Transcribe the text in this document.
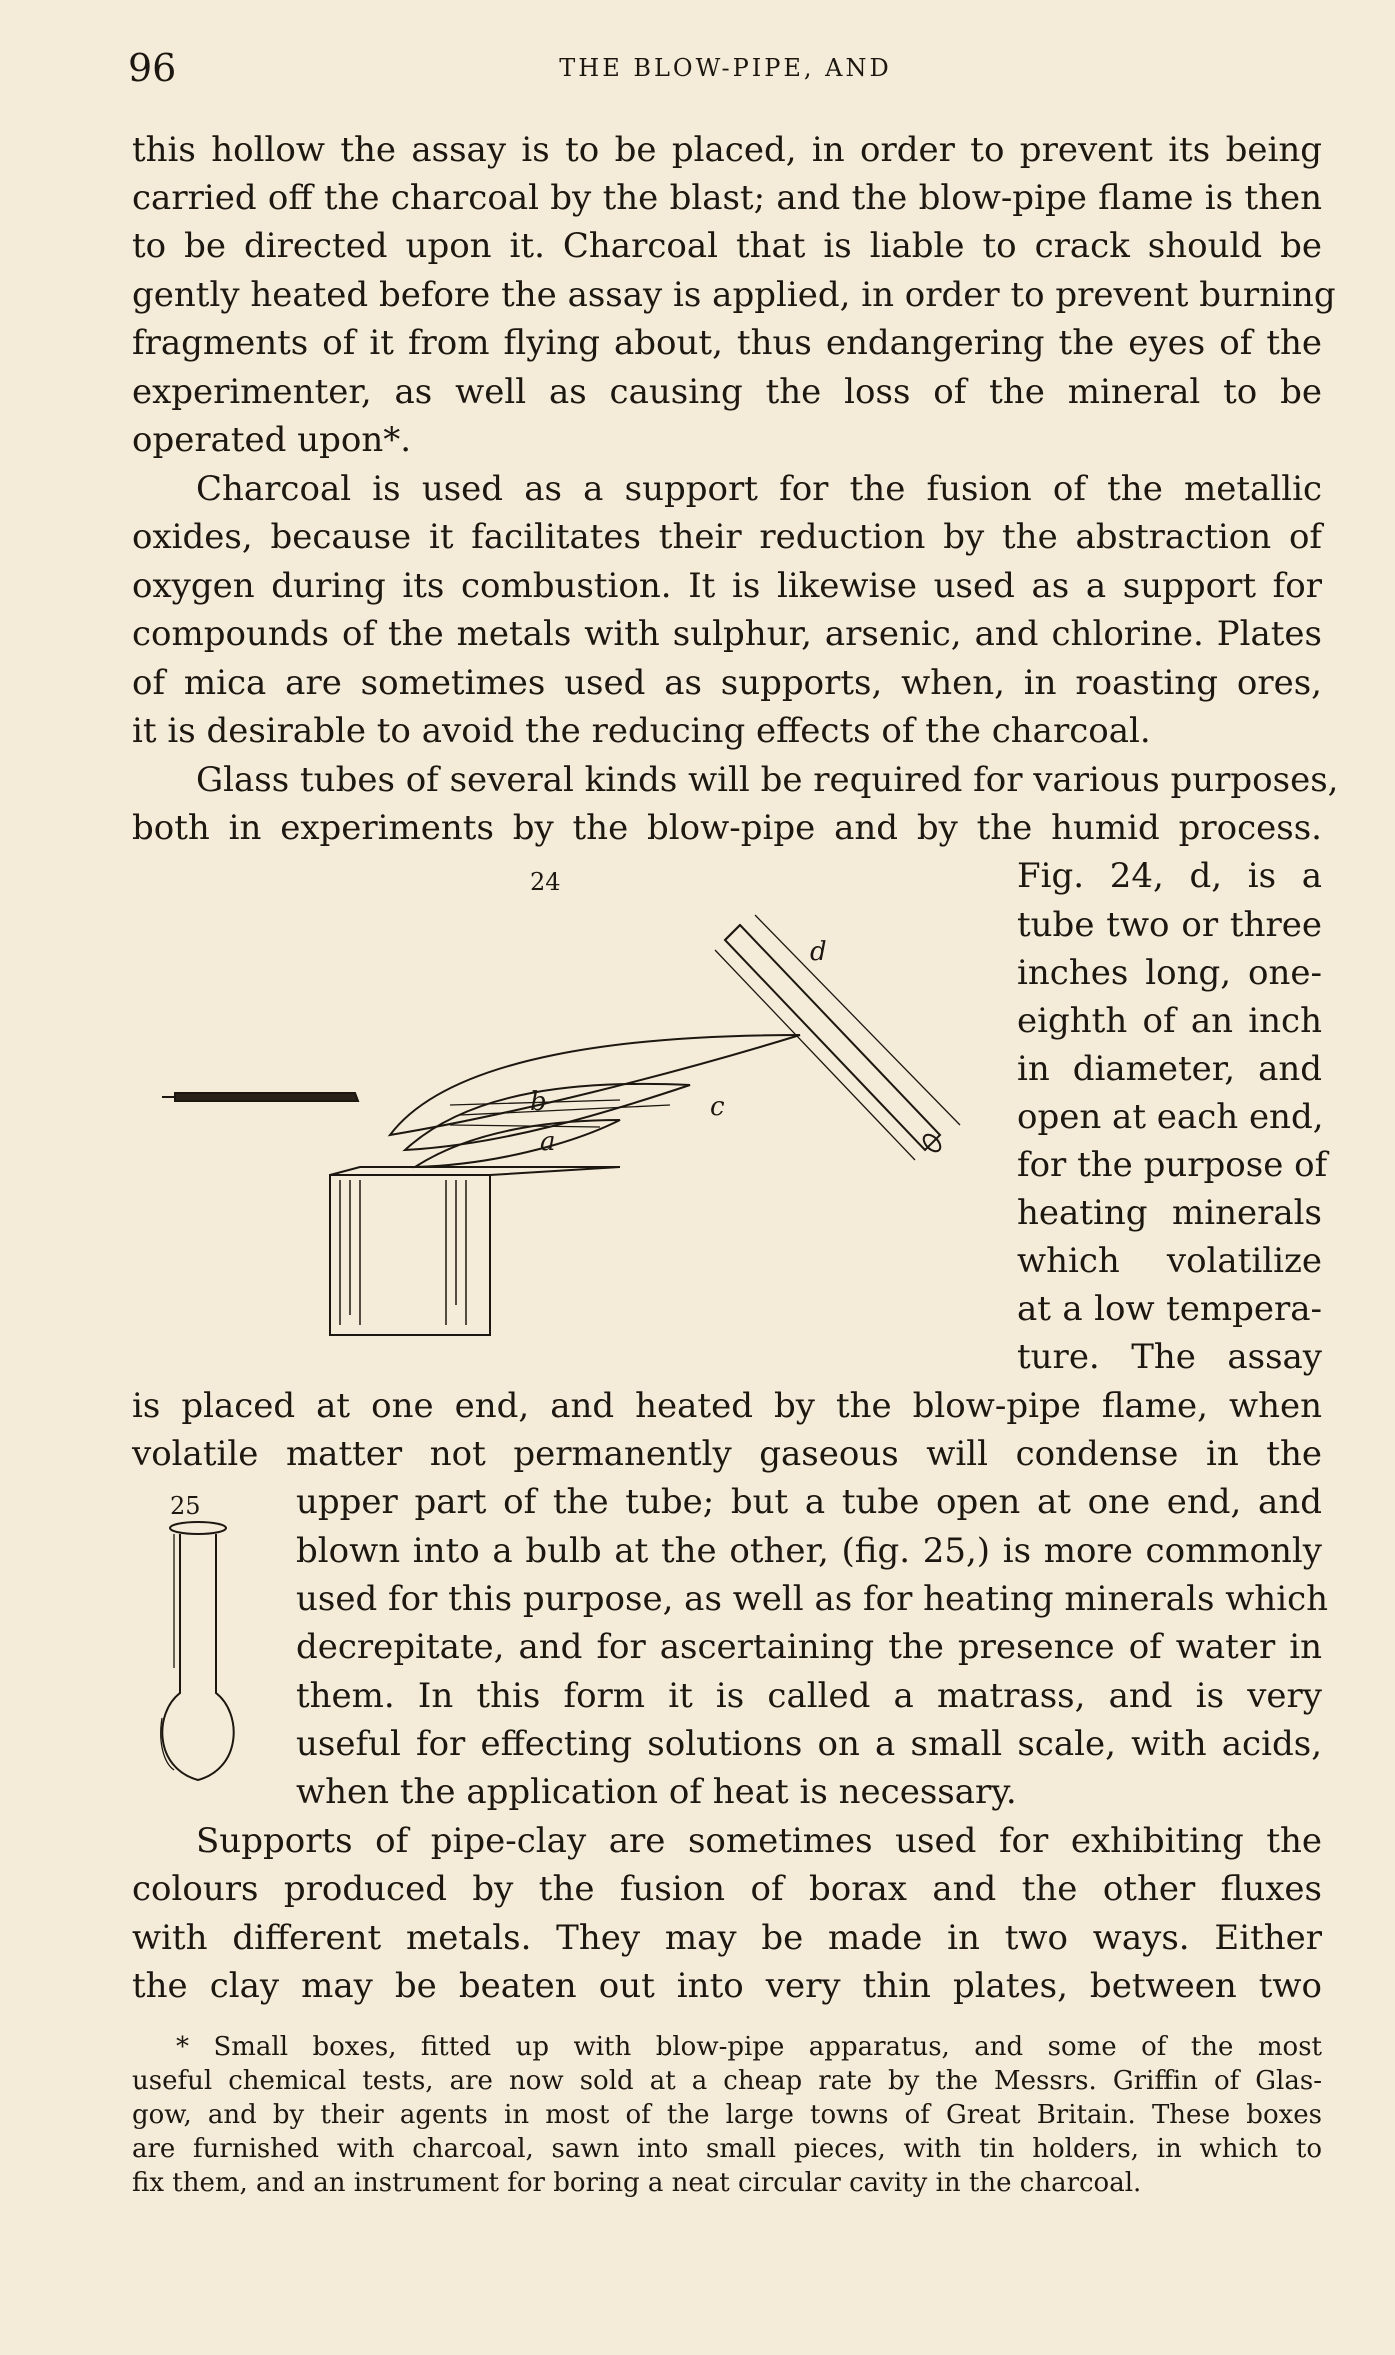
96	THE BLOW-PIPE, AND
this hollow the assay is to be placed, in order to prevent its being
carried off the charcoal by the blast; and the blow-pipe flame is then
to be directed upon it. Charcoal that is liable to crack should be
gently heated before the assay is applied, in order to prevent burning
fragments of it from flying about, thus endangering the eyes of the
experimenter, as well as causing the loss of the mineral to be
operated upon*.
Charcoal is used as a support for the fusion of the metallic
oxides, because it facilitates their reduction by the abstraction of
oxygen during its combustion. It is likewise used as a support for
compounds of the metals with sulphur, arsenic, and chlorine. Plates
of mica are sometimes used as supports, when, in roasting ores,
it is desirable to avoid the reducing effects of the charcoal.
Glass tubes of several kinds will be required for various purposes,
both in experiments by the blow-pipe and by the humid process.
24
b
a
c
d
Fig. 24, d, is a
tube two or three
inches long, one-
eighth of an inch
in diameter, and
open at each end,
for the purpose of
heating minerals
which volatilize
at a low tempera-
ture. The assay
is placed at one end, and heated by the blow-pipe flame, when
volatile matter not permanently gaseous will condense in the
25	upper part of the tube; but a tube open at one end, and
blown into a bulb at the other, (fig. 25,) is more commonly
used for this purpose, as well as for heating minerals which
decrepitate, and for ascertaining the presence of water in
them. In this form it is called a matrass, and is very
useful for effecting solutions on a small scale, with acids,
when the application of heat is necessary.
Supports of pipe-clay are sometimes used for exhibiting the
colours produced by the fusion of borax and the other fluxes
with different metals. They may be made in two ways. Either
the clay may be beaten out into very thin plates, between two
* Small boxes, fitted up with blow-pipe apparatus, and some of the most
useful chemical tests, are now sold at a cheap rate by the Messrs. Griffin of Glas-
gow, and by their agents in most of the large towns of Great Britain. These boxes
are furnished with charcoal, sawn into small pieces, with tin holders, in which to
fix them, and an instrument for boring a neat circular cavity in the charcoal.
